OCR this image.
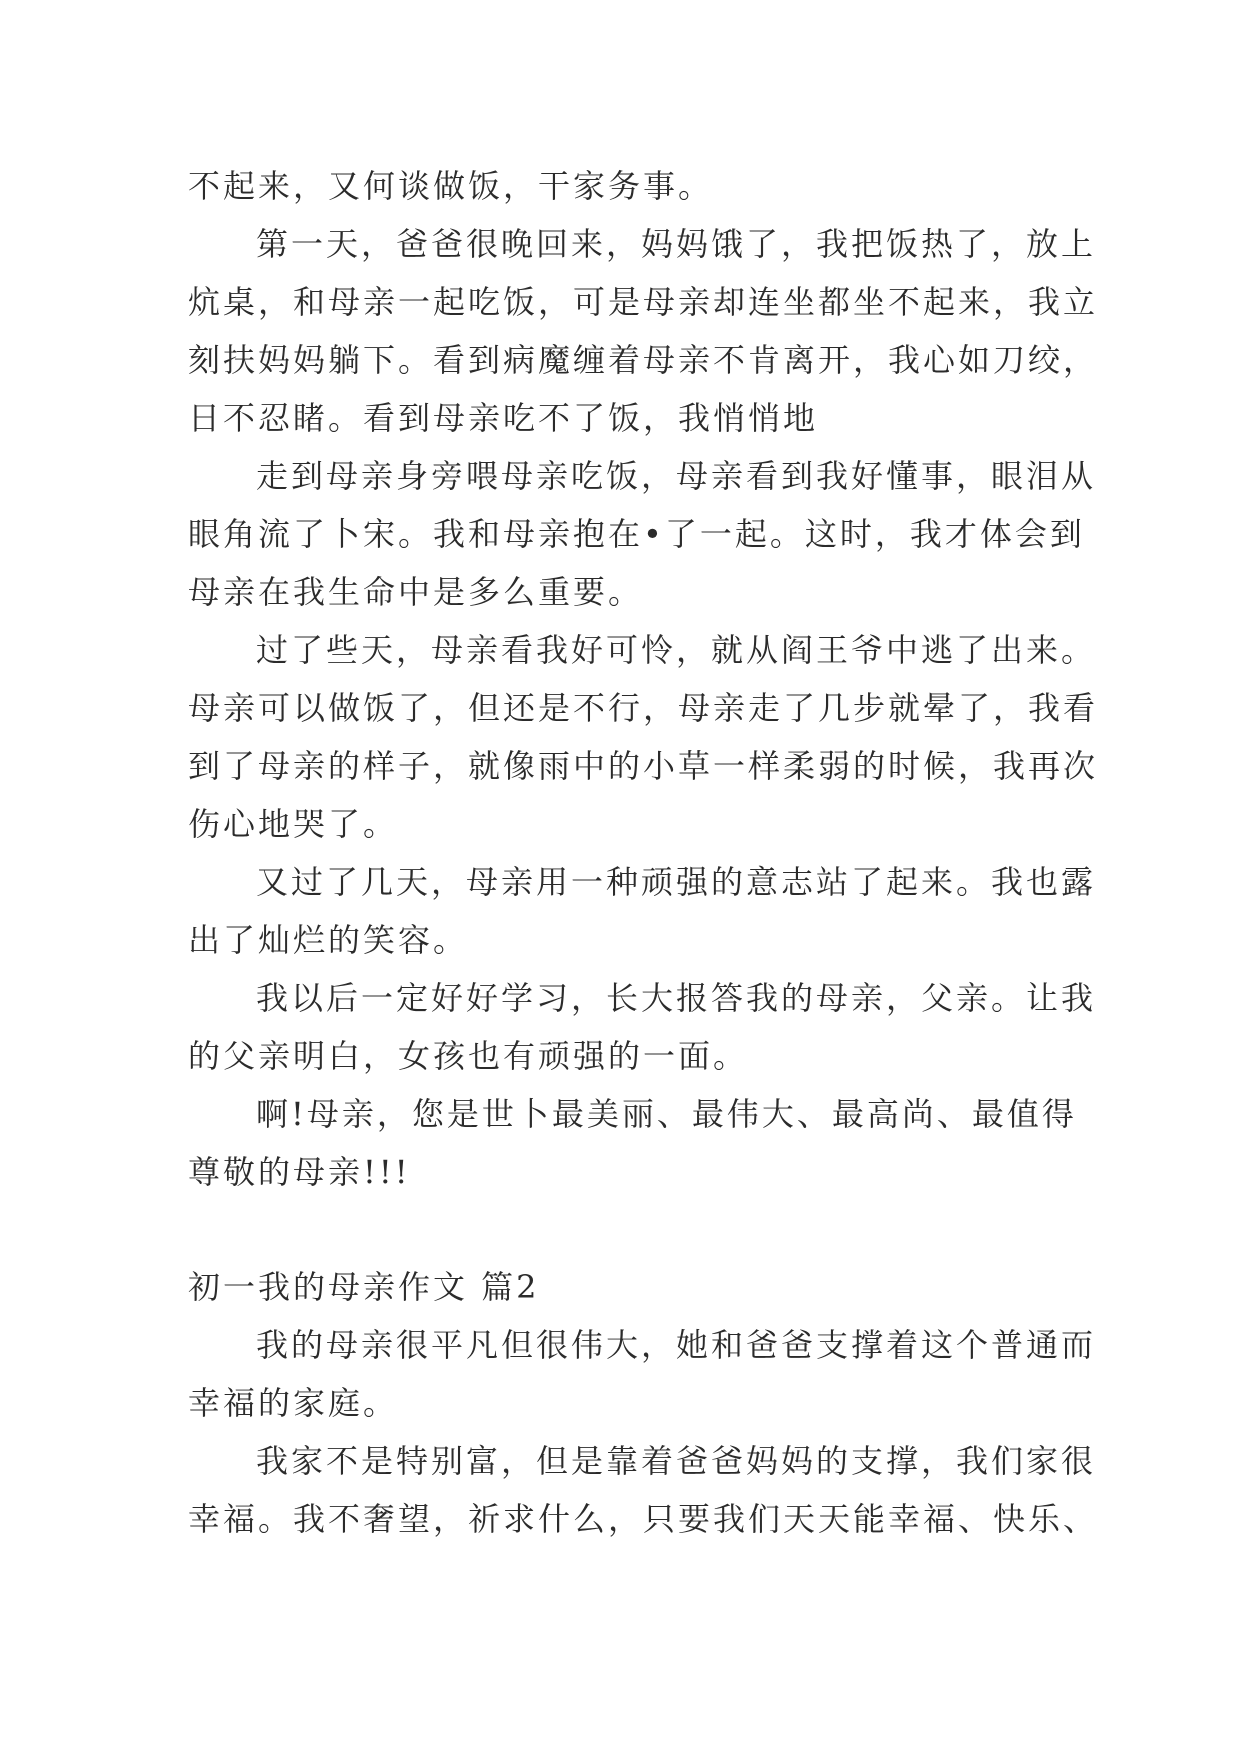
不起来，又何谈做饭，干家务事。
第一天，爸爸很晚回来，妈妈饿了，我把饭热了，放上
炕桌，和母亲一起吃饭，可是母亲却连坐都坐不起来，我立
刻扶妈妈躺下。看到病魔缠着母亲不肯离开，我心如刀绞，
日不忍睹。看到母亲吃不了饭，我悄悄地
走到母亲身旁喂母亲吃饭，母亲看到我好懂事，眼泪从
眼角流了卜宋。我和母亲抱在•了一起。这时，我才体会到
母亲在我生命中是多么重要。
过了些天，母亲看我好可怜，就从阎王爷中逃了出来。
母亲可以做饭了，但还是不行，母亲走了几步就晕了，我看
到了母亲的样子，就像雨中的小草一样柔弱的时候，我再次
伤心地哭了。
又过了几天，母亲用一种顽强的意志站了起来。我也露
出了灿烂的笑容。
我以后一定好好学习，长大报答我的母亲，父亲。让我
的父亲明白，女孩也有顽强的一面。
啊!母亲，您是世卜最美丽、最伟大、最高尚、最值得
尊敬的母亲!!!
初一我的母亲作文 篇2
我的母亲很平凡但很伟大，她和爸爸支撑着这个普通而
幸福的家庭。
我家不是特别富，但是靠着爸爸妈妈的支撑，我们家很
幸福。我不奢望，祈求什么，只要我们天天能幸福、快乐、
